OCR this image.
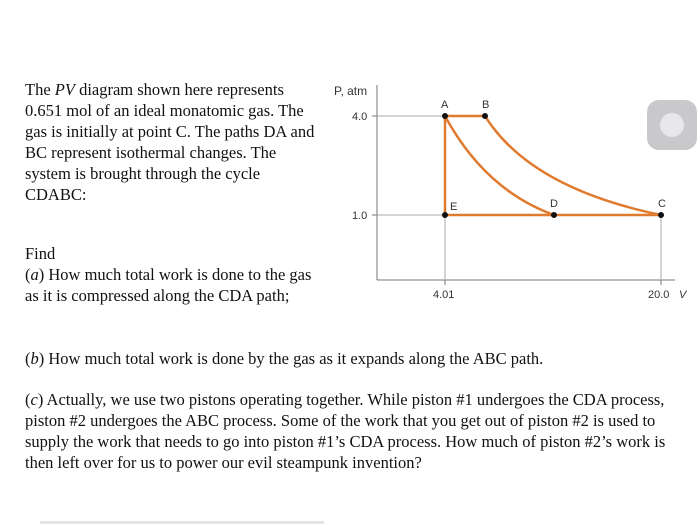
The PV diagram shown here represents 0.651 mol of an ideal monatomic gas. The gas is initially at point C. The paths DA and BC represent isothermal changes. The system is brought through the cycle CDABC:

Find

(a) How much total work is done to the gas as it is compressed along the CDA path;

(b) How much total work is done by the gas as it expands along the ABC path.
(c) Actually, we use two pistons operating together. While piston #1 undergoes the CDA process, piston #2 undergoes the ABC process. Some of the work that you get out of piston #2 is used to supply the work that needs to go into piston #1’s CDA process. How much of piston #2’s work is then left over for us to power our evil steampunk invention?
P, atm
4.0
1.0
4.01	20.0 V
A	B
D	C
E
